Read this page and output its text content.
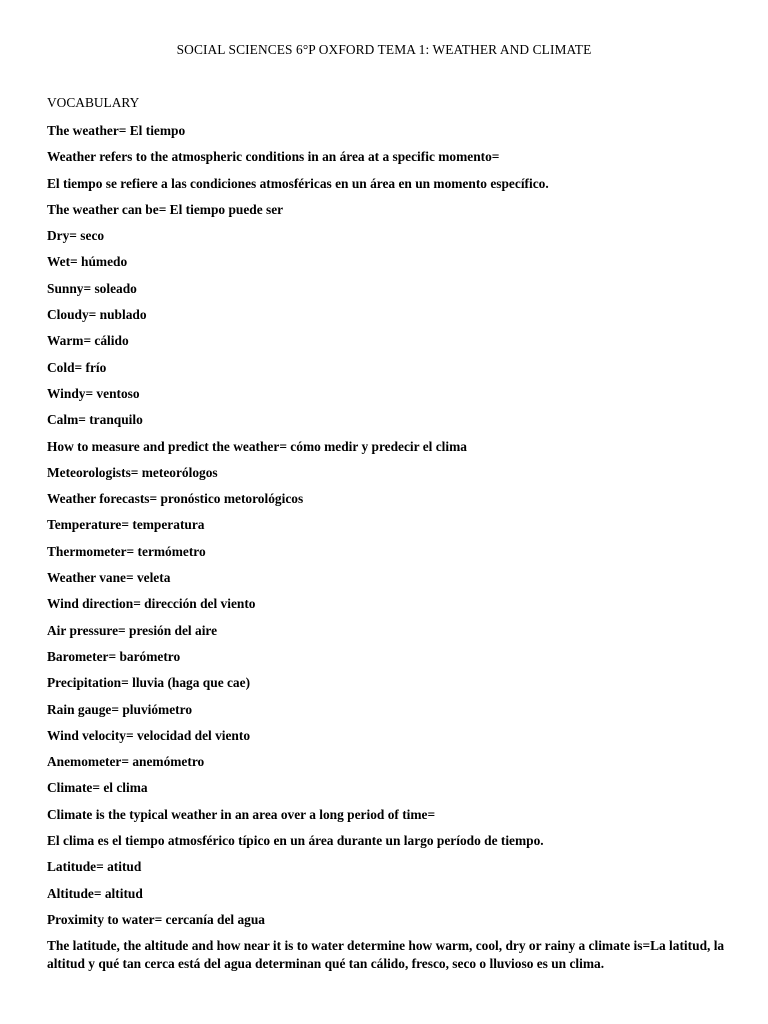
SOCIAL SCIENCES 6°P OXFORD TEMA 1: WEATHER AND CLIMATE
VOCABULARY
The weather= El tiempo
Weather refers to the atmospheric conditions in an área at a specific momento=
El tiempo se refiere a las condiciones atmosféricas en un área en un momento específico.
The weather can be= El tiempo puede ser
Dry= seco
Wet= húmedo
Sunny= soleado
Cloudy= nublado
Warm= cálido
Cold= frío
Windy= ventoso
Calm= tranquilo
How to measure and predict the weather= cómo medir y predecir el clima
Meteorologists= meteorólogos
Weather forecasts= pronóstico metorológicos
Temperature= temperatura
Thermometer= termómetro
Weather vane= veleta
Wind direction= dirección del viento
Air pressure= presión del aire
Barometer= barómetro
Precipitation= lluvia (haga que cae)
Rain gauge= pluviómetro
Wind velocity= velocidad del viento
Anemometer= anemómetro
Climate= el clima
Climate is the typical weather in an area over a long period of time=
El clima es el tiempo atmosférico típico en un área durante un largo período de tiempo.
Latitude= atitud
Altitude= altitud
Proximity to water= cercanía del agua
The latitude, the altitude and how near it is to water determine how warm, cool, dry or rainy a climate is=La latitud, la altitud y qué tan cerca está del agua determinan qué tan cálido, fresco, seco o lluvioso es un clima.
